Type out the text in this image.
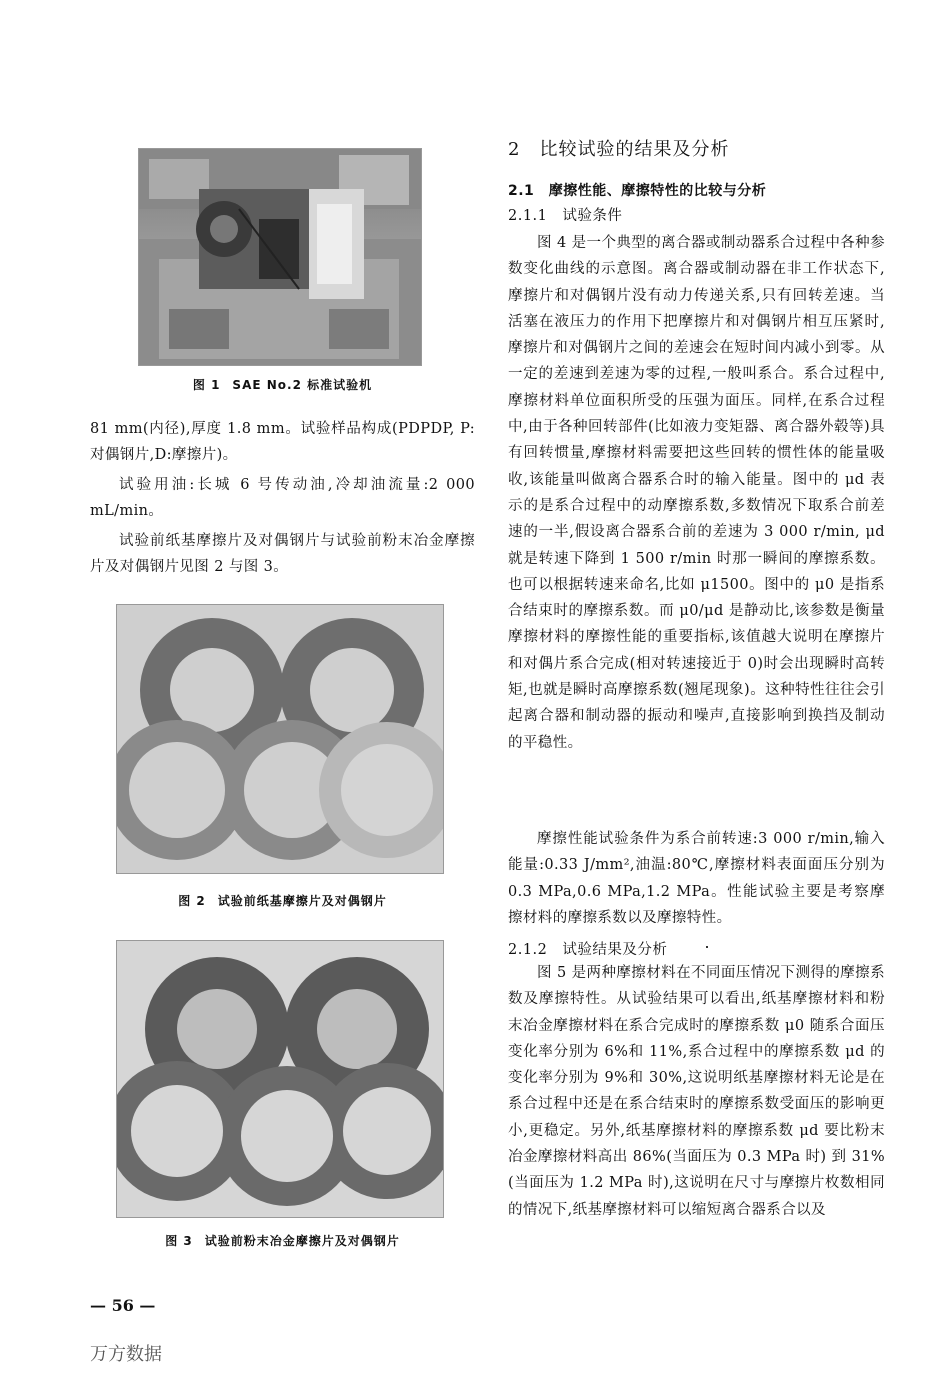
图 1 SAE No.2 标准试验机

81 mm(内径),厚度 1.8 mm。试验样品构成(PDPDP, P:对偶钢片,D:摩擦片)。

试验用油:长城 6 号传动油,冷却油流量:2 000 mL/min。

试验前纸基摩擦片及对偶钢片与试验前粉末冶金摩擦片及对偶钢片见图 2 与图 3。

图 2 试验前纸基摩擦片及对偶钢片
图 3 试验前粉末冶金摩擦片及对偶钢片
2　比较试验的结果及分析
2.1　摩擦性能、摩擦特性的比较与分析
2.1.1　试验条件

图 4 是一个典型的离合器或制动器系合过程中各种参数变化曲线的示意图。离合器或制动器在非工作状态下,摩擦片和对偶钢片没有动力传递关系,只有回转差速。当活塞在液压力的作用下把摩擦片和对偶钢片相互压紧时,摩擦片和对偶钢片之间的差速会在短时间内减小到零。从一定的差速到差速为零的过程,一般叫系合。系合过程中,摩擦材料单位面积所受的压强为面压。同样,在系合过程中,由于各种回转部件(比如液力变矩器、离合器外毂等)具有回转惯量,摩擦材料需要把这些回转的惯性体的能量吸收,该能量叫做离合器系合时的输入能量。图中的 μd 表示的是系合过程中的动摩擦系数,多数情况下取系合前差速的一半,假设离合器系合前的差速为 3 000 r/min, μd 就是转速下降到 1 500 r/min 时那一瞬间的摩擦系数。也可以根据转速来命名,比如 μ1500。图中的 μ0 是指系合结束时的摩擦系数。而 μ0/μd 是静动比,该参数是衡量摩擦材料的摩擦性能的重要指标,该值越大说明在摩擦片和对偶片系合完成(相对转速接近于 0)时会出现瞬时高转矩,也就是瞬时高摩擦系数(翘尾现象)。这种特性往往会引起离合器和制动器的振动和噪声,直接影响到换挡及制动的平稳性。

摩擦性能试验条件为系合前转速:3 000 r/min,输入能量:0.33 J/mm²,油温:80℃,摩擦材料表面面压分别为 0.3 MPa,0.6 MPa,1.2 MPa。性能试验主要是考察摩擦材料的摩擦系数以及摩擦特性。

2.1.2　试验结果及分析

图 5 是两种摩擦材料在不同面压情况下测得的摩擦系数及摩擦特性。从试验结果可以看出,纸基摩擦材料和粉末冶金摩擦材料在系合完成时的摩擦系数 μ0 随系合面压变化率分别为 6%和 11%,系合过程中的摩擦系数 μd 的变化率分别为 9%和 30%,这说明纸基摩擦材料无论是在系合过程中还是在系合结束时的摩擦系数受面压的影响更小,更稳定。另外,纸基摩擦材料的摩擦系数 μd 要比粉末冶金摩擦材料高出 86%(当面压为 0.3 MPa 时) 到 31%(当面压为 1.2 MPa 时),这说明在尺寸与摩擦片枚数相同的情况下,纸基摩擦材料可以缩短离合器系合以及

— 56 —
万方数据
